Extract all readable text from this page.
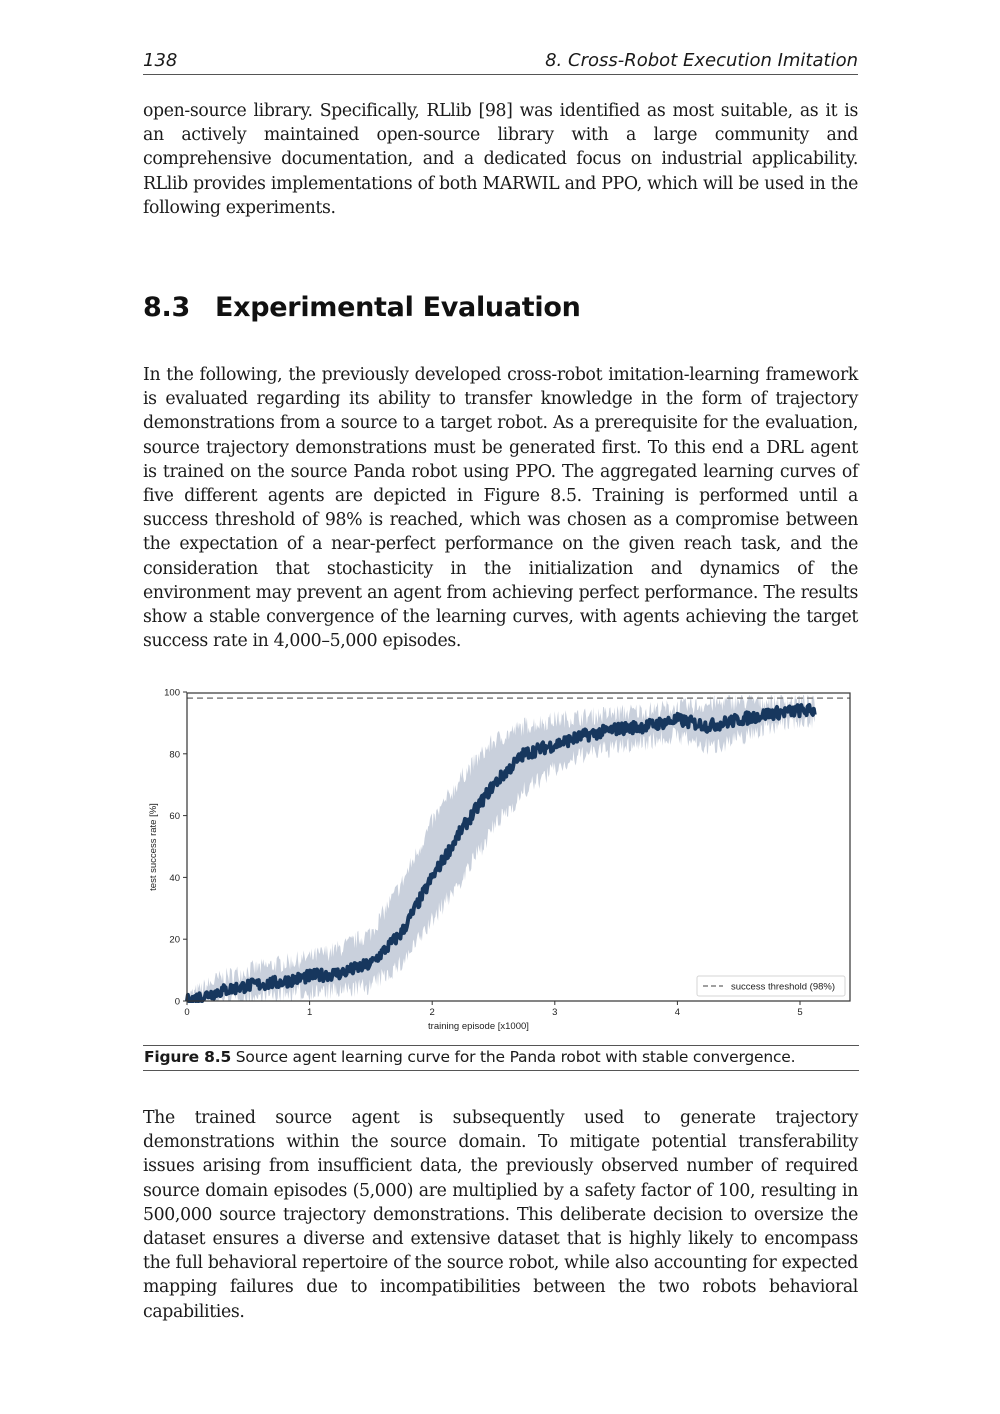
138	8. Cross-Robot Execution Imitation

open-source library. Specifically, RLlib [98] was identified as most suitable, as it is an actively maintained open-source library with a large community and comprehensive documentation, and a dedicated focus on industrial applicability. RLlib provides implementations of both MARWIL and PPO, which will be used in the following experiments.

8.3 Experimental Evaluation

In the following, the previously developed cross-robot imitation-learning framework is evaluated regarding its ability to transfer knowledge in the form of trajectory demonstrations from a source to a target robot. As a prerequisite for the evaluation, source trajectory demonstrations must be generated first. To this end a DRL agent is trained on the source Panda robot using PPO. The aggregated learning curves of five different agents are depicted in Figure 8.5. Training is performed until a success threshold of 98% is reached, which was chosen as a compromise between the expectation of a near-perfect performance on the given reach task, and the consideration that stochasticity in the initialization and dynamics of the environment may prevent an agent from achieving perfect performance. The results show a stable convergence of the learning curves, with agents achieving the target success rate in 4,000–5,000 episodes.

0
20
40
60
80
100
0	1	2	3	4	5
training episode [x1000]
test success rate [%]
success threshold (98%)
Figure 8.5 Source agent learning curve for the Panda robot with stable convergence.

The trained source agent is subsequently used to generate trajectory demonstrations within the source domain. To mitigate potential transferability issues arising from insufficient data, the previously observed number of required source domain episodes (5,000) are multiplied by a safety factor of 100, resulting in 500,000 source trajectory demonstrations. This deliberate decision to oversize the dataset ensures a diverse and extensive dataset that is highly likely to encompass the full behavioral repertoire of the source robot, while also accounting for expected mapping failures due to incompatibilities between the two robots behavioral capabilities.
